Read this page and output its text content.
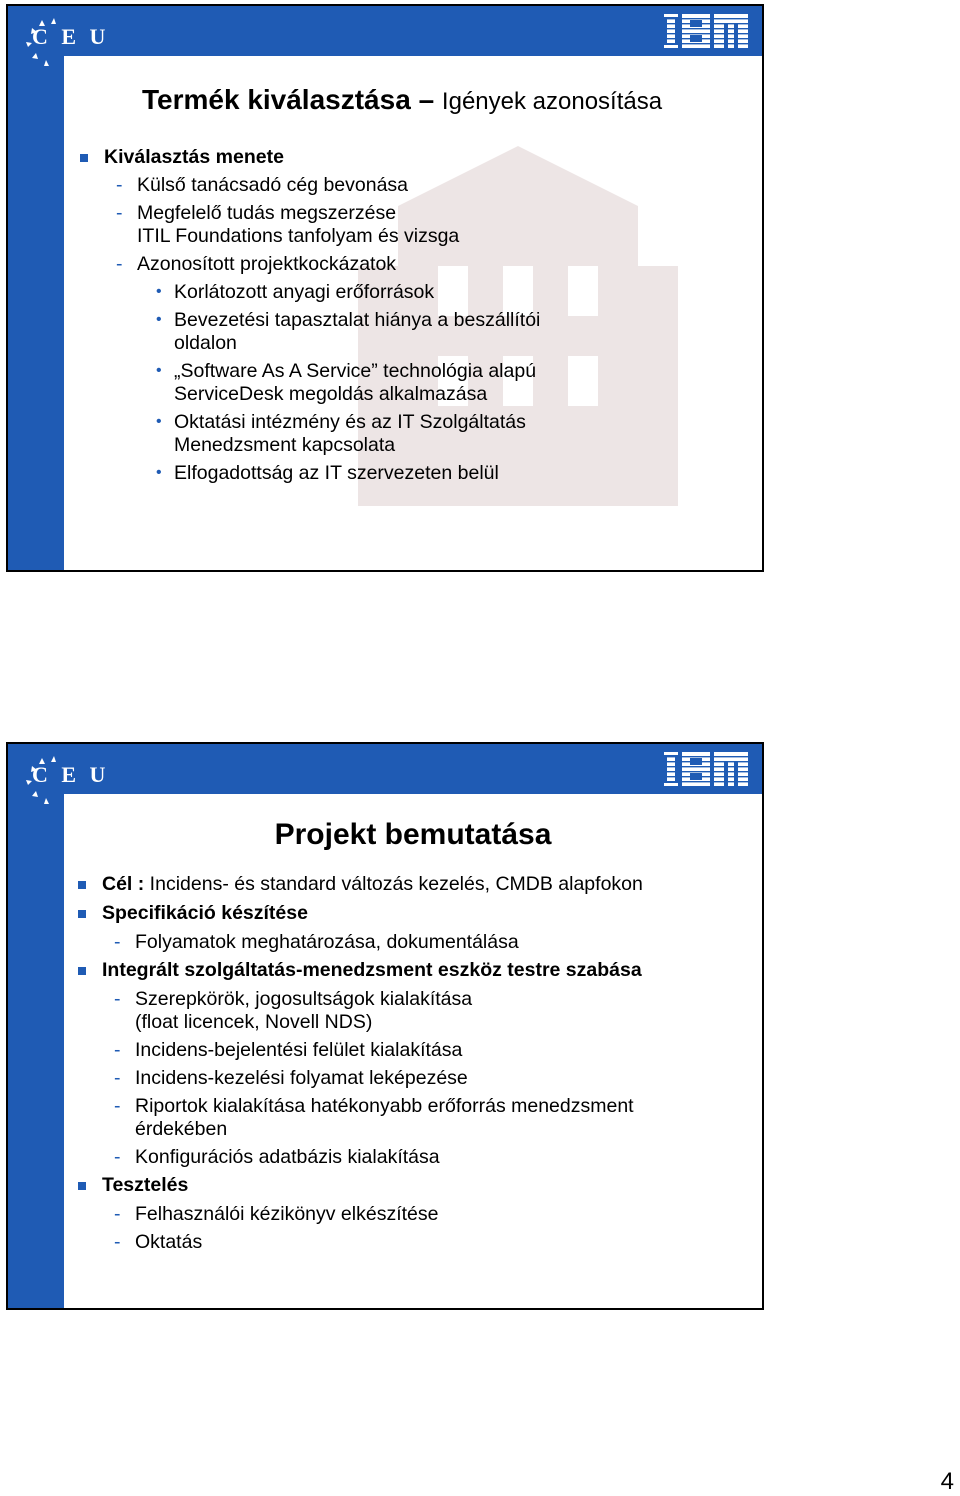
C E U
Termék kiválasztása – Igények azonosítása
Kiválasztás menete
- Külső tanácsadó cég bevonása
- Megfelelő tudás megszerzése
ITIL Foundations tanfolyam és vizsga
- Azonosított projektkockázatok
• Korlátozott anyagi erőforrások
• Bevezetési tapasztalat hiánya a beszállítói
oldalon
• „Software As A Service” technológia alapú
ServiceDesk megoldás alkalmazása
• Oktatási intézmény és az IT Szolgáltatás
Menedzsment kapcsolata
• Elfogadottság az IT szervezeten belül
C E U
Projekt bemutatása
Cél : Incidens- és standard változás kezelés, CMDB alapfokon
Specifikáció készítése
- Folyamatok meghatározása, dokumentálása
Integrált szolgáltatás-menedzsment eszköz testre szabása
- Szerepkörök, jogosultságok kialakítása
(float licencek, Novell NDS)
- Incidens-bejelentési felület kialakítása
- Incidens-kezelési folyamat leképezése
- Riportok kialakítása hatékonyabb erőforrás menedzsment
érdekében
- Konfigurációs adatbázis kialakítása
Tesztelés
- Felhasználói kézikönyv elkészítése
- Oktatás
4
